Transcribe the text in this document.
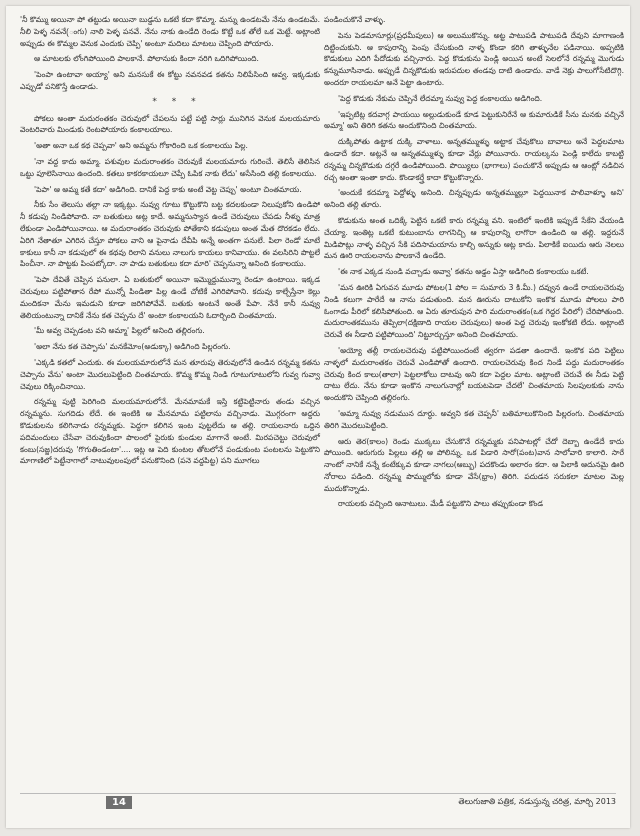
'నీ కొమ్ము అయినా పో తట్టుడు అయినా బుడ్డను ఒకటే కదా కొమ్మా. మన్ను ఉండటమే నేను ఉండటమే. నీలి పెళ్ళ నవనే(ంగు) నాలి పెళ్ళ పనవే. నేను నాకు ఉండేది రెండు కొట్టే ఒక తోలే ఒక మెట్టే. అట్లాంటి అప్పుడు ఈ కొమ్మల వెనుక ఎందుకు చెప్పి' అంటూ మదిలు మాటలు చెప్పింది పోయారు.

ఆ మాటలకు లోంగిపోయింది పాలకానే. పోలానుకు కిందా నరిగి ఒదిగిపోయింది.

'పెంపా ఉంటావా అయ్యా' అని మనసుకే ఈ కోట్టు నవనవడ కతను నిలిపేసింది ఆవ్వ. ఇక్కడుకు ఎప్పుడో పనికొస్తే ఉండాడు.

* * *

పోకలు అంతా మదురంతకం చెరువులో చేపలను పట్టే పట్టి సార్లు మునిగిన వెనుక మలయమారు వెంటరివారు మిండుకు రెంటపోయారు కంకాలయాలు.

'అతా అనా ఒక కథ చెప్పవా' అని అమ్మను గోకారింది ఒక కంకాలయు పిల్ల.

'నా వద్ద కాదు అమ్మా. పశువుల మదురాంతకం చెరువుకే మలయమారు గురించే. తెలిసే తెలిసిన ఒట్టు పూలెసినాయి ఉందంది. కతలు కాకరకాయలూ చెప్పే ఓపిక నాకు లేదు' అసేసింది తల్లి కంకాలయు.

'పెపా' ఆ అమ్మ కతే కదా' అడిగింది. దానికే పెద్ద కాకు అంటే వెట్ట చెప్పు' అంటూ చింతమాయ.

నీకు సేం తెలుసు తల్లా నా ఇక్కట్లు. నువ్వు గూటు కొట్టుకొని బట్ట కదలకుండా నిలుపుకోని ఉండిపో నీ కడుపు నిండిపోవాది. నా బతుకులు అట్ల కాదే. అమ్మనుస్యాన ఉండే చెరువులు చేపడు నీళ్ళు మాత్ర లేకుండా ఎండిపోయినాయి. ఆ మదురాంతకం చెరువుకు పోతేకాని కడుపులు అంత మేత దొరకడం లేదు. ఏరిగి నేతాతూ ఎగిరిన చేస్తూ పోకలు వాని ఆ పైనాడు దేవీపి అన్నే అంతగా పనులే. పిలా రెండో మాటే కాకులు కానీ నా కడుపులో ఈ కథవు రిలాని వనులు నాలుగు కాయలు కానివాయు. ఈ వలసిరిని పొట్టలే పించీనా. నా పొట్టకు పింపట్కోదా. నా పాడు బతుకులు కదా మారి' చెప్పనున్నా అనింది కంకాలయు.

'పెపా దేవితే చెప్పిన పనులా. ఏ బతుకులో అయినా ఇమ్మొద్దుమున్నా రెండూ ఉంటాయి. ఇక్కడ చెరువులు పట్టిపోతాన రేపో మున్నో పిండితా పిల్ల ఉండే చోటికే ఎగిరిపోవాని. కదువు కాల్చేస్తేనా కెల్లు మందికనా మేను ఇమడుని కూడా జరిగిపోవేవే. బతుకు అంటనే అంతే పేపా. నేనే కానీ నువ్వు తెలియంటున్నా దానికే నేను కత చెప్పను దే' అంటా కంకాలయని ఓదార్చింది చింతమాయ.

'మీ అవ్వ చెప్పడంట వని అమ్మా' పిల్లలో అనింది తల్లిరంగు.

'అలా నేను కత చెప్పాను' మనకేమోం(అడుక్కా) అడిగింది పిల్లరంగు.

'ఎక్కడి కతలో ఎందుకు. ఈ మలయమారులోనే మన తూరుపు తెరువులోనే ఉండిన రన్నమ్మ కతను చెప్పాను వేను' అంటా మొదలుపెట్టింది చింతమాయ. కొమ్మ కొమ్మ నిండి గూటుగూటులోని గువ్వ గువ్వా చెవులు రిక్కించినాయి.

రన్నమ్మ పుట్టి పెరిగింది మలయమారులోనే. మేనమామకే ఇస్తి కట్టిపెట్టినారు తండు వచ్చిన రన్నమ్మను. సుగదిడు లేదే. ఈ ఇంటికి ఆ మేనమామ పట్టిలాను వచ్చినాడు. మొగ్గరంగా అద్దరు కొడుకులను కలిగినాడు రన్నమ్మకు. పెద్దగా కలిగిన ఇంట పుట్టలేదు ఆ తల్లి. రాయలనారు ఒద్దిన పదిమందులు చేసేవా చెరువుకిందా పొలంలో పైరుకు కుండుల మాగానే అంటే. మిరపచెట్టు చెరువులో కంబు(సజ్జ)దరువు 'గొగుతిండంటా'.... ఇట్ల ఆ పెది కుంటల తోటలోనే పండుకుంట పంటలను పెట్టుకొని మాగాణిలో పెట్టేనాగాలో నాటువులంపులో పనుకొనింది (పనె వద్దపిట్ట) పని మూగలు

పండించుకొనే వాళ్ళు.

పెను పెడమాసూర్లు(ప్రధమీపులు) ఆ అలుముకొన్ను. అట్ట పాటుపడి పాటుపడి దేవుని మాగాణంకి దిట్టించుకుని. ఆ కాపురాన్ని పెంపు చేసుకుంది నాళ్ళ కొండా కరిగి తాళ్ళునేల పడినాయి. అప్పటికి కొడుకులు ఎదిగి పేదోడుకు వచ్చినారు. పెద్ద కొడుకును పెండ్లి అయిన అంటే సెలలోనే రన్నమ్మ మొగుడు కన్నుమూసినాడు. అప్పుడే చిన్నకొడుకు ఇరుపదుల తండవు దాటి ఉండాదు. వాడే నెక్రు పాలుగోసేటిదొగ్గి. అందరూ రాయలమా అనే పెట్టా ఉంటారు.

'పెద్ద కొడుకు నేకుమ చెప్పినే లేదమ్మా నువ్వు పెద్ద కంకాలయు అడిగింది.

'ఇప్పటిట్ల కదవాగ్గ పాయయి అల్లుడుకుండే కూడ పెట్టుకునిరేనే ఆ కుమారుడికే సీను మనకు వచ్చినే అమ్మా' అని తిరిగి కతను అందుకొనింది చింతమాయ.

దుక్కిపోతు ఉట్టాక దుక్కి వాళాలు. అన్నతమ్ముళ్ళు అట్టాక చేవుకొలు బావాలు అనే పెద్దలమాట ఉండాదే కదా. అట్లనే ఆ అన్నతమ్ముళ్ళు కూడా వేర్లు పోయినారు. రాయల్కను పెండ్లి కాలేదు కాబట్టి రన్నమ్మ చిన్నకొడుకు దగ్గరే ఉండిపోయింది. పొయ్యిలు (భాగాలు) పంచుకొనే అప్పుడు ఆ ఆంట్లో నడిచిన రచ్చ అంతా ఇంతా కాదు. కొండాకర్త్రే కాదా కొట్టుకొన్నారు.

'అందుకే కదమ్మా పెద్దోళ్ళు అనింది. చిన్నప్పుడు అన్నతమ్ముల్లూ పెద్దయినాక పాలివాళ్ళూ అని' అనింది తల్లి తూరు.

కొడుకును అంత ఒదిక్కే పెట్టిన ఒకటే కారు రన్నమ్మ వని. ఇంటిలో ఇంటికి ఇప్పుడే సేకేని వేయండి చేయ్యా. ఇంతిట్ల ఒకటే కుటుంబాను లాగనిచ్చి ఆ కాపురాన్ని లాగొరా ఉండింది ఆ తల్లి. ఇద్దరునే మిడిపొట్లు నాళ్ళ వచ్చిన సేకి పదిసామయాను కాల్చి అన్నుకు ఆట్ల కాదు. పిలాకికే ఐయిదు ఆరు నెలలు మన ఊరి రాయలనాను పొలకానే ఉండేది.

'ఈ నాక ఎక్కడ నుండి వచ్చాడు అవ్వా' కతను అడ్డం ఏస్తా అడిగింది కంకాలయు ఒకటే.

'మన ఊరికి ఏగువన మూడు పోటల(1 పోల = సుమారు 3 కి.మీ.) దవ్వున ఉండే రాయలచెరువు నిండి కలుగా పారేదే ఆ నాను పడుతుంది. మన ఊరును దాటుకోని ఇంకొక మూడు పోలలు పారి ఓంగాడు పీరిలో కలిసిపోతుంది. ఆ ఏరు తూరుపున పారి మదురాంతకం(ఒక గెద్దర పేరిలో) చేరిపోతుంది. మదురాంతకమును తెప్పిలా(దక్షిణాది రాయల చెరువులు) అంత పెద్ద చెరువు ఇంకోకటి లేదు. అట్లాంటి చెరువే ఈ నీడాది పట్టిపోయింది' నిట్టూర్చుస్తూ అనింది చింతమాయ.

'అయ్యో తల్లీ రాయలచెరువు పట్టిపోయిందంటే త్వరగా పడతా ఉందాదే. ఇంకొక పది పెట్టిలు నాళ్ళలో మదురాంతకం చెరువే ఎండిపోతో ఉందాది. రాయలచెరువు కింద నిండే పద్దు మదురాంతకం చెరువు కింద కాలు(తాలా) పెట్టలాకోలు దాటవు అని కదా పెద్దల మాట. అట్లాంటి చెరువే ఈ నీడు పెట్టి దాటు లేదు. నేను కూడా ఇంకొన నాలుగునాల్లో బయటపెడా చేదలే' చింతమాయ సిలపులకుకు నాను అందుకొని చెప్పింది తల్లిరంగు.

'అమ్మా నువ్వు నడుమున దూర్ధు. అవ్వని కత చెప్పనీ' బతిమాలుకొనింది పిల్లరంగు. చింతమాయ తిరిగి మొదలుపెట్టింది.

ఆరు తెర(కాలం) రెండు ముక్కలు చేసుకొనే రన్నమ్మకు పనిపాటల్లో చేదో దెబ్బా ఉండేదే కాదు పోయింది. ఆరుగురు పిల్లలు తల్లి ఆ పోలిన్ను. ఒక పిడారి సారో(పంట)వాన సాలోవారి కాలారి. సారే నాంటో నానికే నన్నే కంటేక్కువ కూడా నాగలు(ఆబ్బు) పదకొండు అలారం కదా. ఆ పిలాకి ఆదునమై ఊరి నోరాలు పడింది. రన్నమ్మ పొమ్ములోకు కూడా వేసే(భ్రాం) తిరిగి. పదుడన సరుకలా మాటల మెల్ల ముదుకొన్నాడు.

రాయలకు వచ్చింది ఆనాటులు. మేడీ పట్టుకొని పాలు తప్పుకుండా కొండ

14	తెలుగుజాతి పత్రిక, నడుస్తున్న చరిత్ర, మార్చి 2013
